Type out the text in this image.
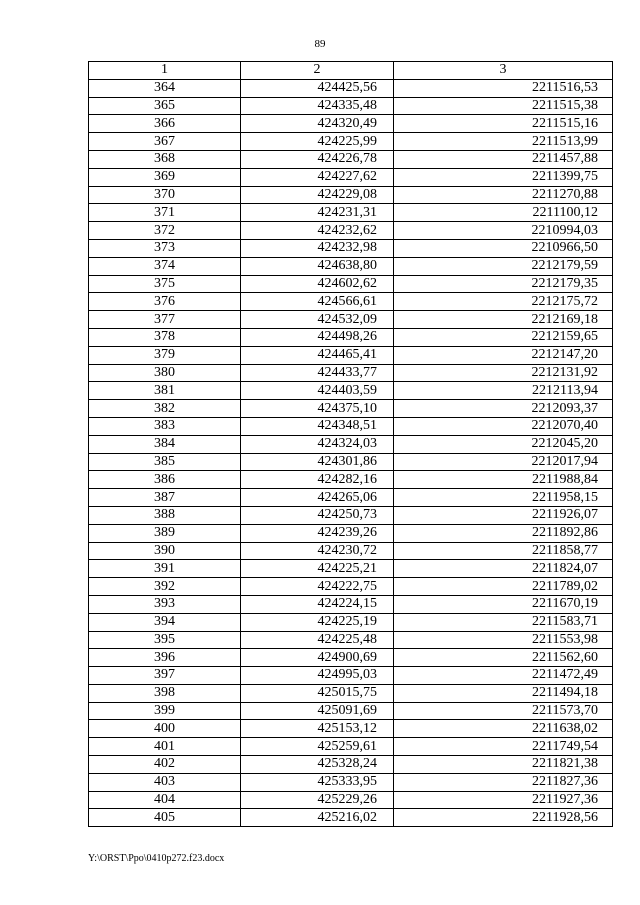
89
1	2	3
364	424425,56	2211516,53
365	424335,48	2211515,38
366	424320,49	2211515,16
367	424225,99	2211513,99
368	424226,78	2211457,88
369	424227,62	2211399,75
370	424229,08	2211270,88
371	424231,31	2211100,12
372	424232,62	2210994,03
373	424232,98	2210966,50
374	424638,80	2212179,59
375	424602,62	2212179,35
376	424566,61	2212175,72
377	424532,09	2212169,18
378	424498,26	2212159,65
379	424465,41	2212147,20
380	424433,77	2212131,92
381	424403,59	2212113,94
382	424375,10	2212093,37
383	424348,51	2212070,40
384	424324,03	2212045,20
385	424301,86	2212017,94
386	424282,16	2211988,84
387	424265,06	2211958,15
388	424250,73	2211926,07
389	424239,26	2211892,86
390	424230,72	2211858,77
391	424225,21	2211824,07
392	424222,75	2211789,02
393	424224,15	2211670,19
394	424225,19	2211583,71
395	424225,48	2211553,98
396	424900,69	2211562,60
397	424995,03	2211472,49
398	425015,75	2211494,18
399	425091,69	2211573,70
400	425153,12	2211638,02
401	425259,61	2211749,54
402	425328,24	2211821,38
403	425333,95	2211827,36
404	425229,26	2211927,36
405	425216,02	2211928,56
Y:\ORST\Ppo\0410p272.f23.docx
